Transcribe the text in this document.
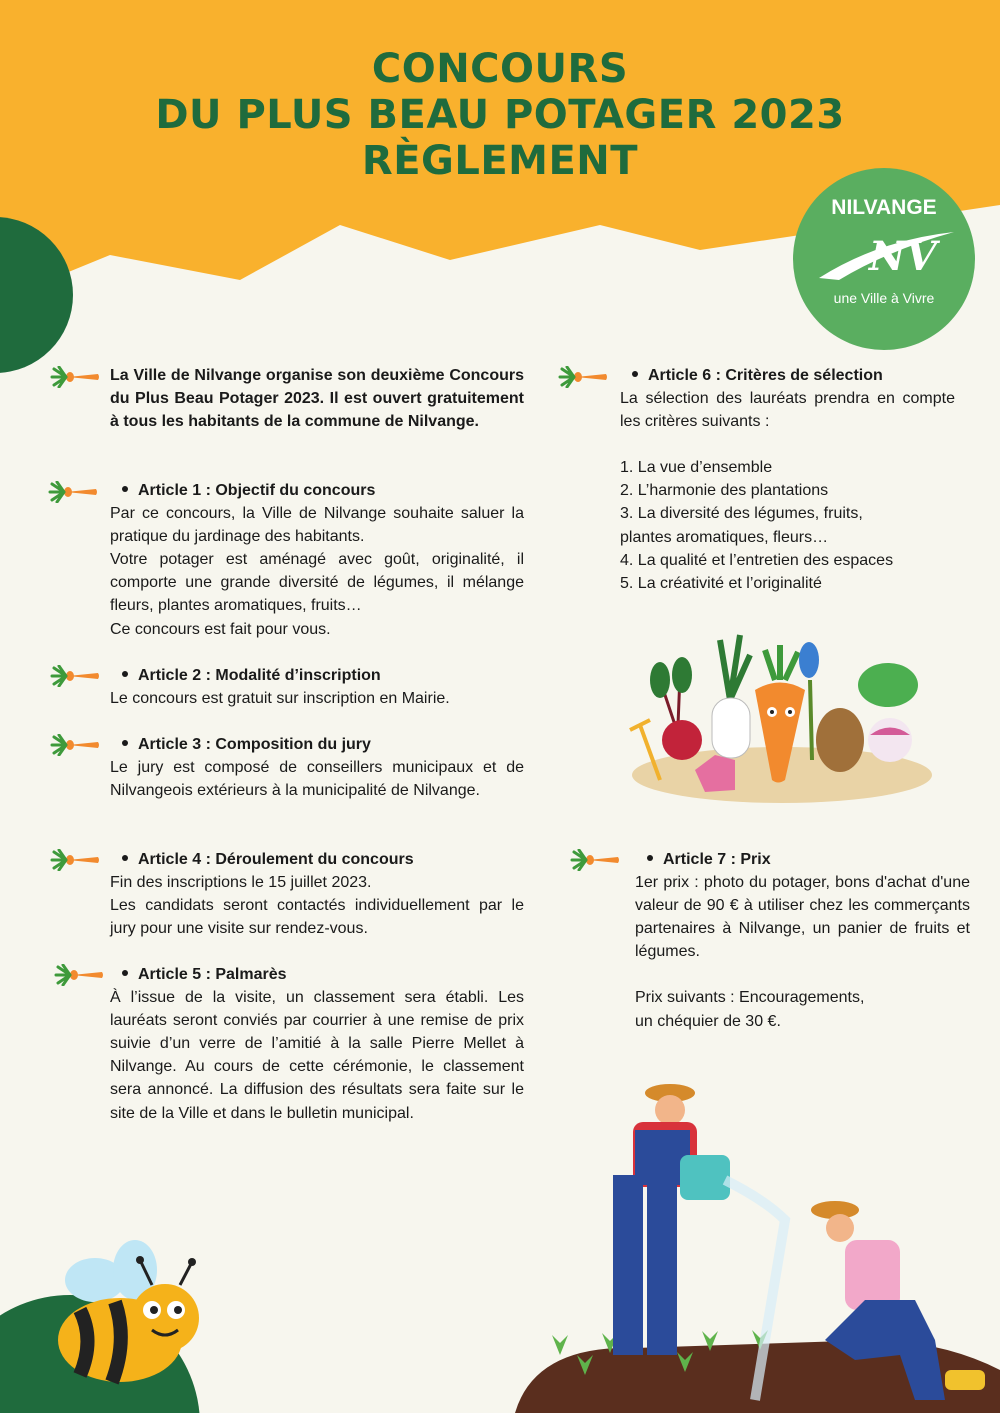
CONCOURS
DU PLUS BEAU POTAGER 2023
RÈGLEMENT
NILVANGE
NV
une Ville à Vivre

La Ville de Nilvange organise son deuxième Concours du Plus Beau Potager 2023. Il est ouvert gratuitement à tous les habitants de la commune de Nilvange.

Article 1 : Objectif du concours

Par ce concours, la Ville de Nilvange souhaite saluer la pratique du jardinage des habitants.

Votre potager est aménagé avec goût, originalité, il comporte une grande diversité de légumes, il mélange fleurs, plantes aromatiques, fruits…

Ce concours est fait pour vous.

Article 2 : Modalité d’inscription

Le concours est gratuit sur inscription en Mairie.

Article 3 : Composition du jury

Le jury est composé de conseillers municipaux et de Nilvangeois extérieurs à la municipalité de Nilvange.

Article 4 : Déroulement du concours

Fin des inscriptions le 15 juillet 2023.

Les candidats seront contactés individuellement par le jury pour une visite sur rendez-vous.

Article 5 : Palmarès

À l’issue de la visite, un classement sera établi. Les lauréats seront conviés par courrier à une remise de prix suivie d’un verre de l’amitié à la salle Pierre Mellet à Nilvange. Au cours de cette cérémonie, le classement sera annoncé. La diffusion des résultats sera faite sur le site de la Ville et dans le bulletin municipal.

Article 6 : Critères de sélection

La sélection des lauréats prendra en compte les critères suivants :

1. La vue d’ensemble
2. L’harmonie des plantations
3. La diversité des légumes, fruits,
plantes aromatiques, fleurs…
4. La qualité et l’entretien des espaces
5. La créativité et l’originalité

Article 7 : Prix

1er prix : photo du potager, bons d'achat d'une valeur de 90 € à utiliser chez les commerçants partenaires à Nilvange, un panier de fruits et légumes.

Prix suivants : Encouragements,

un chéquier de 30 €.
